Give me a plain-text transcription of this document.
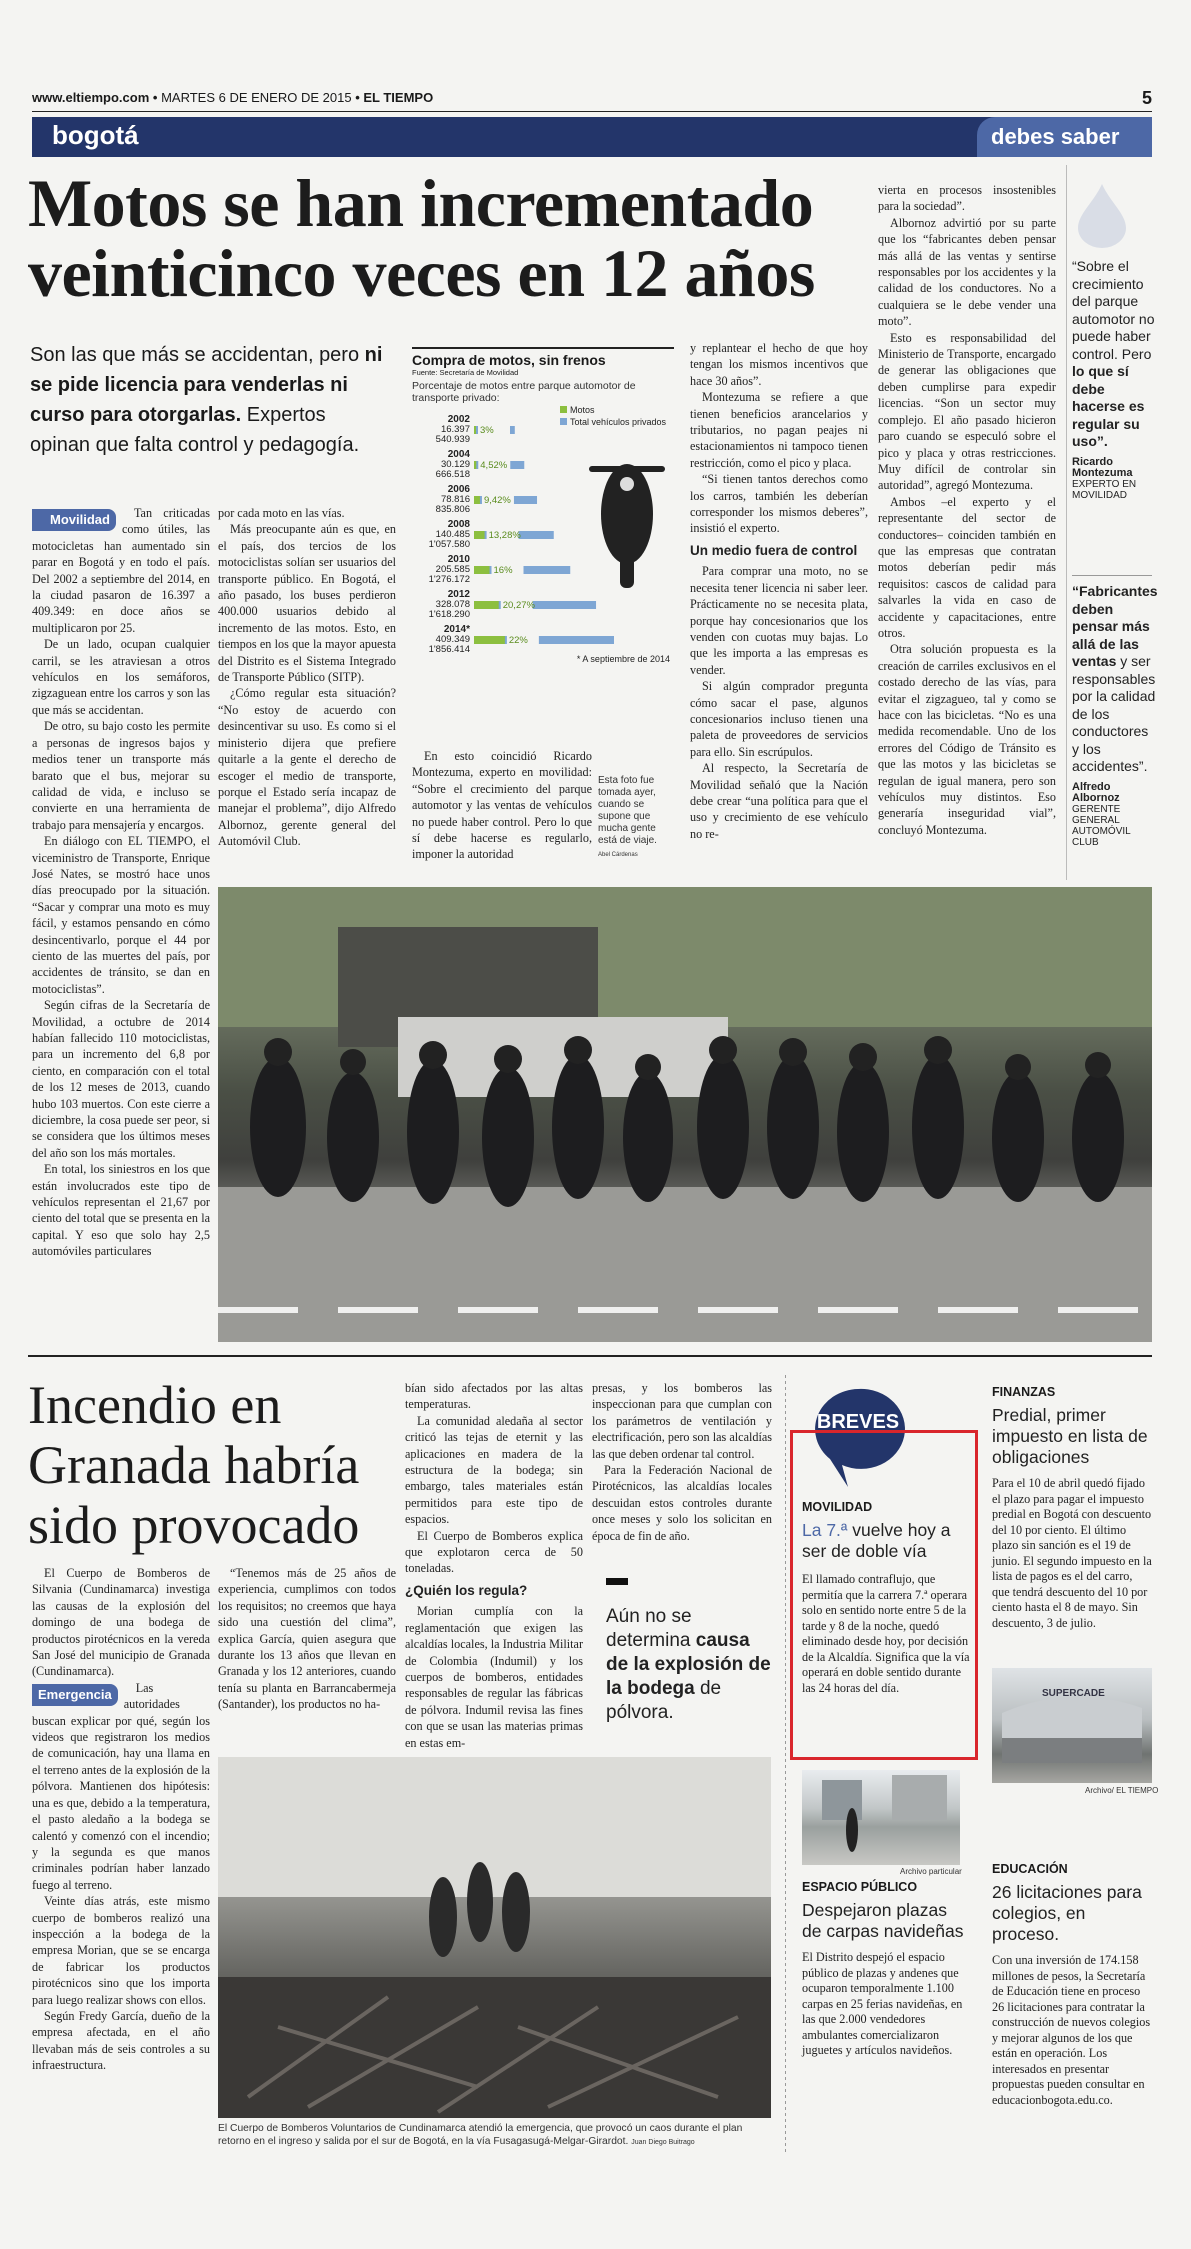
www.eltiempo.com • MARTES 6 DE ENERO DE 2015 • EL TIEMPO	5
bogotá	debes saber
Motos se han incrementado veinticinco veces en 12 años
Son las que más se accidentan, pero ni se pide licencia para venderlas ni curso para otorgarlas. Expertos opinan que falta control y pedagogía.

Movilidad	Tan criticadas como útiles, las motocicletas han aumentado sin parar en Bogotá y en todo el país. Del 2002 a septiembre del 2014, en la ciudad pasaron de 16.397 a 409.349: en doce años se multiplicaron por 25.

De un lado, ocupan cualquier carril, se les atraviesan a otros vehículos en los semáforos, zigzaguean entre los carros y son las que más se accidentan.

De otro, su bajo costo les permite a personas de ingresos bajos y medios tener un transporte más barato que el bus, mejorar su calidad de vida, e incluso se convierte en una herramienta de trabajo para mensajería y encargos.

En diálogo con EL TIEMPO, el viceministro de Transporte, Enrique José Nates, se mostró hace unos días preocupado por la situación. “Sacar y comprar una moto es muy fácil, y estamos pensando en cómo desincentivarlo, porque el 44 por ciento de las muertes del país, por accidentes de tránsito, se dan en motociclistas”.

Según cifras de la Secretaría de Movilidad, a octubre de 2014 habían fallecido 110 motociclistas, para un incremento del 6,8 por ciento, en comparación con el total de los 12 meses de 2013, cuando hubo 103 muertos. Con este cierre a diciembre, la cosa puede ser peor, si se considera que los últimos meses del año son los más mortales.

En total, los siniestros en los que están involucrados este tipo de vehículos representan el 21,67 por ciento del total que se presenta en la capital. Y eso que solo hay 2,5 automóviles particulares

por cada moto en las vías.

Más preocupante aún es que, en el país, dos tercios de los motociclistas solían ser usuarios del transporte público. En Bogotá, el año pasado, los buses perdieron 400.000 usuarios debido al incremento de las motos. Esto, en tiempos en los que la mayor apuesta del Distrito es el Sistema Integrado de Transporte Público (SITP).

¿Cómo regular esta situación? “No estoy de acuerdo con desincentivar su uso. Es como si el ministerio dijera que prefiere quitarle a la gente el derecho de escoger el medio de transporte, porque el Estado sería incapaz de manejar el problema”, dijo Alfredo Albornoz, gerente general del Automóvil Club.

Compra de motos, sin frenos
Fuente: Secretaría de Movilidad
Porcentaje de motos entre parque automotor de transporte privado:
Motos
Total vehículos privados
2002
16.397
540.939
3%
2004
30.129
666.518
4,52%
2006
78.816
835.806
9,42%
2008
140.485
1'057.580
13,28%
2010
205.585
1'276.172
16%
2012
328.078
1'618.290
20,27%
2014*
409.349
1'856.414
22%
* A septiembre de 2014

En esto coincidió Ricardo Montezuma, experto en movilidad: “Sobre el crecimiento del parque automotor y las ventas de vehículos no puede haber control. Pero lo que sí debe hacerse es regularlo, imponer la autoridad

Esta foto fue tomada ayer, cuando se supone que mucha gente está de viaje.
Abel Cárdenas

y replantear el hecho de que hoy tengan los mismos incentivos que hace 30 años”.

Montezuma se refiere a que tienen beneficios arancelarios y tributarios, no pagan peajes ni estacionamientos ni tampoco tienen restricción, como el pico y placa.

“Si tienen tantos derechos como los carros, también les deberían corresponder los mismos deberes”, insistió el experto.

Un medio fuera de control

Para comprar una moto, no se necesita tener licencia ni saber leer. Prácticamente no se necesita plata, porque hay concesionarios que los venden con cuotas muy bajas. Lo que les importa a las empresas es vender.

Si algún comprador pregunta cómo sacar el pase, algunos concesionarios incluso tienen una paleta de proveedores de servicios para ello. Sin escrúpulos.

Al respecto, la Secretaría de Movilidad señaló que la Nación debe crear “una política para que el uso y crecimiento de ese vehículo no re-

vierta en procesos insostenibles para la sociedad”.

Albornoz advirtió por su parte que los “fabricantes deben pensar más allá de las ventas y sentirse responsables por los accidentes y la calidad de los conductores. No a cualquiera se le debe vender una moto”.

Esto es responsabilidad del Ministerio de Transporte, encargado de generar las obligaciones que deben cumplirse para expedir licencias. “Son un sector muy complejo. El año pasado hicieron paro cuando se especuló sobre el pico y placa y otras restricciones. Muy difícil de controlar sin autoridad”, agregó Montezuma.

Ambos –el experto y el representante del sector de conductores– coinciden también en que las empresas que contratan motos deberían pedir más requisitos: cascos de calidad para salvarles la vida en caso de accidente y capacitaciones, entre otros.

Otra solución propuesta es la creación de carriles exclusivos en el costado derecho de las vías, para evitar el zigzagueo, tal y como se hace con las bicicletas. “No es una medida recomendable. Uno de los errores del Código de Tránsito es que las motos y las bicicletas se regulan de igual manera, pero son vehículos muy distintos. Eso generaría inseguridad vial”, concluyó Montezuma.

“Sobre el crecimiento del parque automotor no puede haber control. Pero lo que sí debe hacerse es regular su uso”.
Ricardo Montezuma
EXPERTO EN MOVILIDAD
“Fabricantes deben pensar más allá de las ventas y ser responsables por la calidad de los conductores y los accidentes”.
Alfredo Albornoz
GERENTE GENERAL AUTOMÓVIL CLUB
Incendio en Granada habría sido provocado

El Cuerpo de Bomberos de Silvania (Cundinamarca) investiga las causas de la explosión del domingo de una bodega de productos pirotécnicos en la vereda San José del municipio de Granada (Cundinamarca).

Emergencia	Las autoridades buscan explicar por qué, según los videos que registraron los medios de comunicación, hay una llama en el terreno antes de la explosión de la pólvora. Mantienen dos hipótesis: una es que, debido a la temperatura, el pasto aledaño a la bodega se calentó y comenzó con el incendio; y la segunda es que manos criminales podrían haber lanzado fuego al terreno.

Veinte días atrás, este mismo cuerpo de bomberos realizó una inspección a la bodega de la empresa Morian, que se se encarga de fabricar los productos pirotécnicos sino que los importa para luego realizar shows con ellos.

Según Fredy García, dueño de la empresa afectada, en el año llevaban más de seis controles a su infraestructura.

“Tenemos más de 25 años de experiencia, cumplimos con todos los requisitos; no creemos que haya sido una cuestión del clima”, explica García, quien asegura que durante los 13 años que llevan en Granada y los 12 anteriores, cuando tenía su planta en Barrancabermeja (Santander), los productos no ha-

bían sido afectados por las altas temperaturas.

La comunidad aledaña al sector criticó las tejas de eternit y las aplicaciones en madera de la estructura de la bodega; sin embargo, tales materiales están permitidos para este tipo de espacios.

El Cuerpo de Bomberos explica que explotaron cerca de 50 toneladas.

¿Quién los regula?

Morian cumplía con la reglamentación que exigen las alcaldías locales, la Industria Militar de Colombia (Indumil) y los cuerpos de bomberos, entidades responsables de regular las fábricas de pólvora. Indumil revisa las fines con que se usan las materias primas en estas em-

presas, y los bomberos las inspeccionan para que cumplan con los parámetros de ventilación y electrificación, pero son las alcaldías las que deben ordenar tal control.

Para la Federación Nacional de Pirotécnicos, las alcaldías locales descuidan estos controles durante once meses y solo los solicitan en época de fin de año.

Aún no se determina causa de la explosión de la bodega de pólvora.
El Cuerpo de Bomberos Voluntarios de Cundinamarca atendió la emergencia, que provocó un caos durante el plan retorno en el ingreso y salida por el sur de Bogotá, en la vía Fusagasugá-Melgar-Girardot. Juan Diego Buitrago
BREVES
MOVILIDAD
La 7.ª vuelve hoy a ser de doble vía
El llamado contraflujo, que permitía que la carrera 7.ª operara solo en sentido norte entre 5 de la tarde y 8 de la noche, quedó eliminado desde hoy, por decisión de la Alcaldía. Significa que la vía operará en doble sentido durante las 24 horas del día.
Archivo particular
ESPACIO PÚBLICO
Despejaron plazas de carpas navideñas
El Distrito despejó el espacio público de plazas y andenes que ocuparon temporalmente 1.100 carpas en 25 ferias navideñas, en las que 2.000 vendedores ambulantes comercializaron juguetes y artículos navideños.
FINANZAS
Predial, primer impuesto en lista de obligaciones
Para el 10 de abril quedó fijado el plazo para pagar el impuesto predial en Bogotá con descuento del 10 por ciento. El último plazo sin sanción es el 19 de junio. El segundo impuesto en la lista de pagos es el del carro, que tendrá descuento del 10 por ciento hasta el 8 de mayo. Sin descuento, 3 de julio.
SUPERCADE
Archivo/ EL TIEMPO
EDUCACIÓN
26 licitaciones para colegios, en proceso.
Con una inversión de 174.158 millones de pesos, la Secretaría de Educación tiene en proceso 26 licitaciones para contratar la construcción de nuevos colegios y mejorar algunos de los que están en operación. Los interesados en presentar propuestas pueden consultar en educacionbogota.edu.co.
